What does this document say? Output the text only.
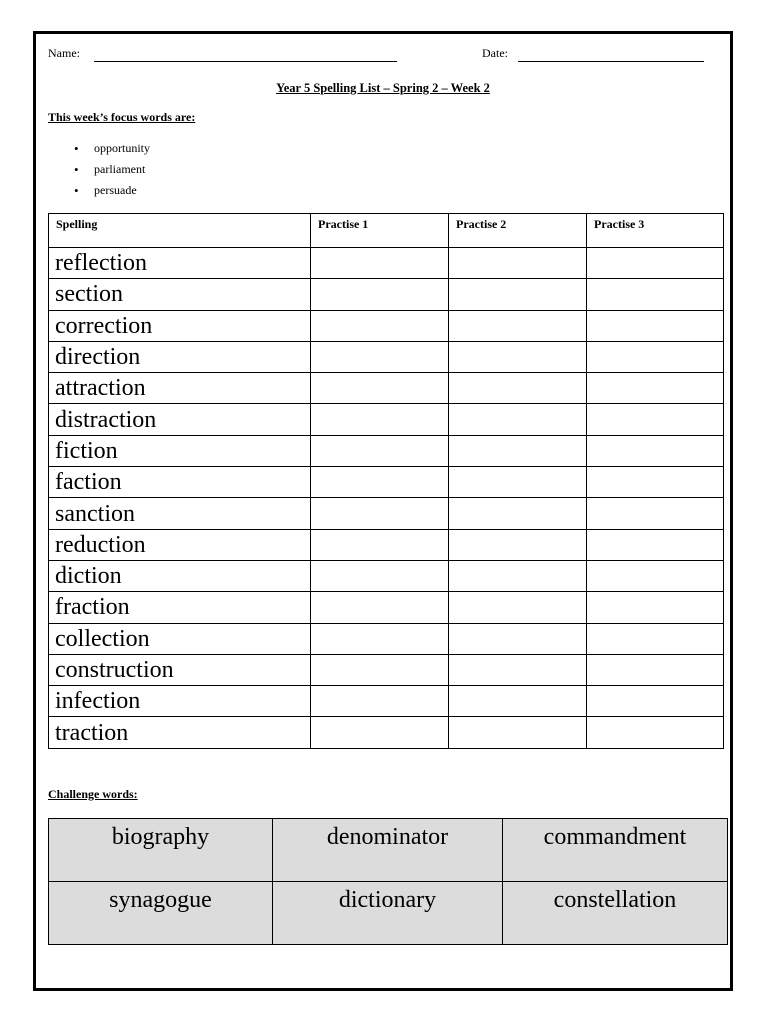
Name:	Date:
Year 5 Spelling List – Spring 2 – Week 2
This week’s focus words are:
• opportunity
• parliament
• persuade
Spelling	Practise 1	Practise 2	Practise 3
reflection			
section			
correction			
direction			
attraction			
distraction			
fiction			
faction			
sanction			
reduction			
diction			
fraction			
collection			
construction			
infection			
traction			
Challenge words:
biography	denominator	commandment
synagogue	dictionary	constellation
